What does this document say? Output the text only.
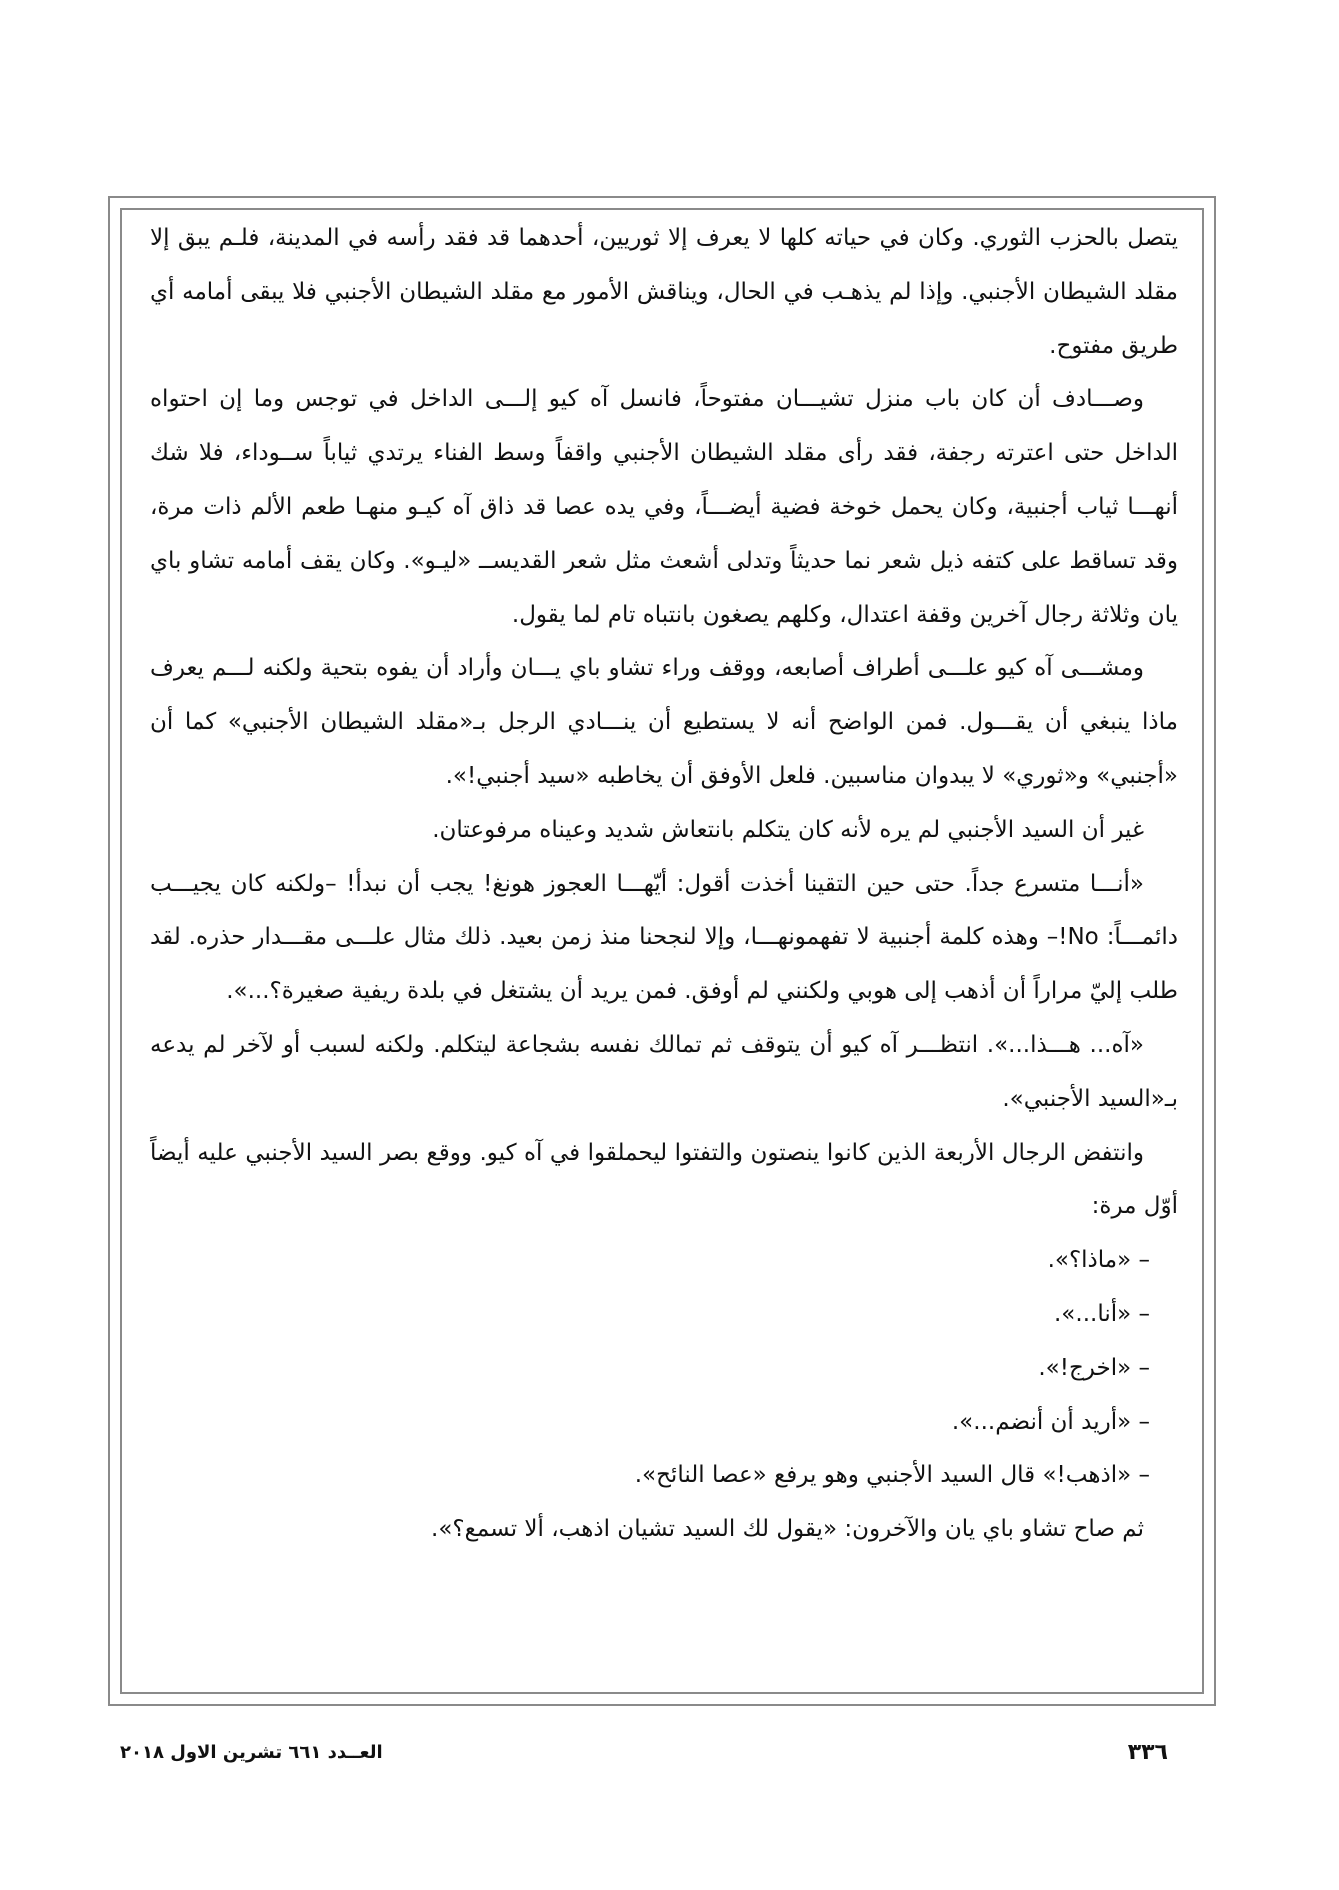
يتصل بالحزب الثوري. وكان في حياته كلها لا يعرف إلا ثوريين، أحدهما قد فقد رأسه في المدينة، فلـم يبق إلا مقلد الشيطان الأجنبي. وإذا لم يذهـب في الحال، ويناقش الأمور مع مقلد الشيطان الأجنبي فلا يبقى أمامه أي طريق مفتوح.

وصـــادف أن كان باب منزل تشيـــان مفتوحاً، فانسل آه كيو إلـــى الداخل في توجس وما إن احتواه الداخل حتى اعترته رجفة، فقد رأى مقلد الشيطان الأجنبي واقفاً وسط الفناء يرتدي ثياباً ســوداء، فلا شك أنهـــا ثياب أجنبية، وكان يحمل خوخة فضية أيضـــاً، وفي يده عصا قد ذاق آه كيـو منهـا طعم الألم ذات مرة، وقد تساقط على كتفه ذيل شعر نما حديثاً وتدلى أشعث مثل شعر القديســ «ليـو». وكان يقف أمامه تشاو باي يان وثلاثة رجال آخرين وقفة اعتدال، وكلهم يصغون بانتباه تام لما يقول.

ومشـــى آه كيو علـــى أطراف أصابعه، ووقف وراء تشاو باي يـــان وأراد أن يفوه بتحية ولكنه لـــم يعرف ماذا ينبغي أن يقـــول. فمن الواضح أنه لا يستطيع أن ينـــادي الرجل بـ«مقلد الشيطان الأجنبي» كما أن «أجنبي» و«ثوري» لا يبدوان مناسبين. فلعل الأوفق أن يخاطبه «سيد أجنبي!».

غير أن السيد الأجنبي لم يره لأنه كان يتكلم بانتعاش شديد وعيناه مرفوعتان.

«أنـــا متسرع جداً. حتى حين التقينا أخذت أقول: أيّهـــا العجوز هونغ! يجب أن نبدأ! –ولكنه كان يجيـــب دائمـــاً: No!– وهذه كلمة أجنبية لا تفهمونهـــا، وإلا لنجحنا منذ زمن بعيد. ذلك مثال علـــى مقـــدار حذره. لقد طلب إليّ مراراً أن أذهب إلى هوبي ولكنني لم أوفق. فمن يريد أن يشتغل في بلدة ريفية صغيرة؟...».

«آه... هـــذا...». انتظـــر آه كيو أن يتوقف ثم تمالك نفسه بشجاعة ليتكلم. ولكنه لسبب أو لآخر لم يدعه بـ«السيد الأجنبي».

وانتفض الرجال الأربعة الذين كانوا ينصتون والتفتوا ليحملقوا في آه كيو. ووقع بصر السيد الأجنبي عليه أيضاً أوّل مرة:

– «ماذا؟».

– «أنا...».

– «اخرج!».

– «أريد أن أنضم...».

– «اذهب!» قال السيد الأجنبي وهو يرفع «عصا النائح».

ثم صاح تشاو باي يان والآخرون: «يقول لك السيد تشيان اذهب، ألا تسمع؟».

٣٣٦
العــدد ٦٦١ تشرين الاول ٢٠١٨
